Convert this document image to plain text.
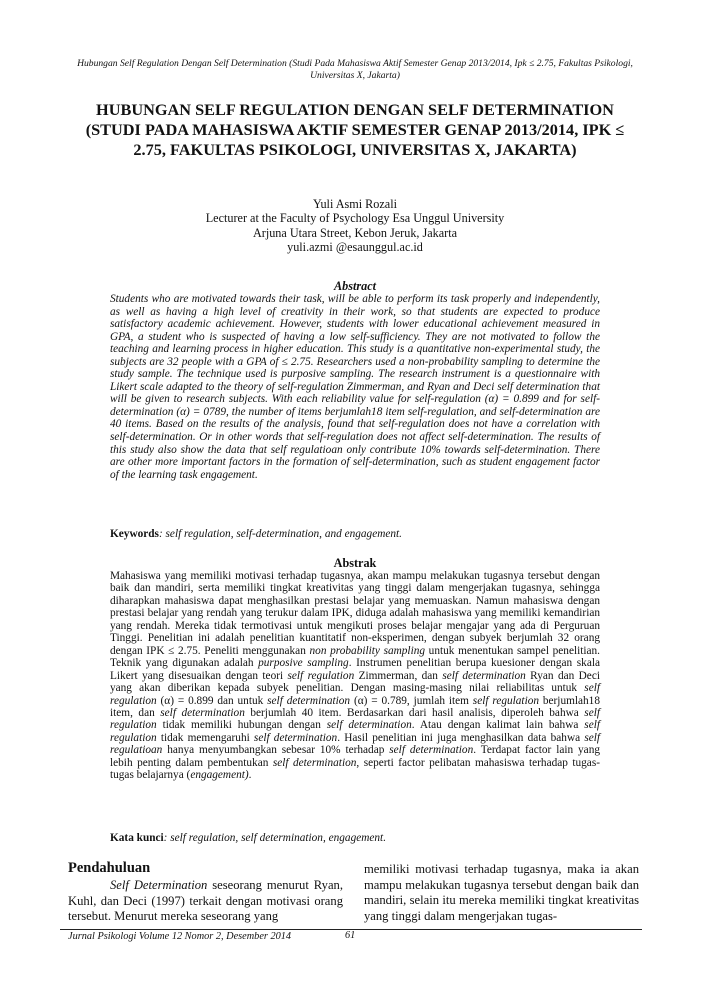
Hubungan Self Regulation Dengan Self Determination (Studi Pada Mahasiswa Aktif Semester Genap 2013/2014, Ipk ≤ 2.75, Fakultas Psikologi, Universitas X, Jakarta)
HUBUNGAN SELF REGULATION DENGAN SELF DETERMINATION
(STUDI PADA MAHASISWA AKTIF SEMESTER GENAP 2013/2014, IPK ≤
2.75, FAKULTAS PSIKOLOGI, UNIVERSITAS X, JAKARTA)
Yuli Asmi Rozali
Lecturer at the Faculty of Psychology Esa Unggul University
Arjuna Utara Street, Kebon Jeruk, Jakarta
yuli.azmi @esaunggul.ac.id
Abstract
Students who are motivated towards their task, will be able to perform its task properly and independently, as well as having a high level of creativity in their work, so that students are expected to produce satisfactory academic achievement. However, students with lower educational achievement measured in GPA, a student who is suspected of having a low self-sufficiency. They are not motivated to follow the teaching and learning process in higher education. This study is a quantitative non-experimental study, the subjects are 32 people with a GPA of ≤ 2.75. Researchers used a non-probability sampling to determine the study sample. The technique used is purposive sampling. The research instrument is a questionnaire with Likert scale adapted to the theory of self-regulation Zimmerman, and Ryan and Deci self determination that will be given to research subjects. With each reliability value for self-regulation (α) = 0.899 and for self-determination (α) = 0789, the number of items berjumlah18 item self-regulation, and self-determination are 40 items. Based on the results of the analysis, found that self-regulation does not have a correlation with self-determination. Or in other words that self-regulation does not affect self-determination. The results of this study also show the data that self regulatioan only contribute 10% towards self-determination. There are other more important factors in the formation of self-determination, such as student engagement factor of the learning task engagement.
Keywords: self regulation, self-determination, and engagement.
Abstrak
Mahasiswa yang memiliki motivasi terhadap tugasnya, akan mampu melakukan tugasnya tersebut dengan baik dan mandiri, serta memiliki tingkat kreativitas yang tinggi dalam mengerjakan tugasnya, sehingga diharapkan mahasiswa dapat menghasilkan prestasi belajar yang memuaskan. Namun mahasiswa dengan prestasi belajar yang rendah yang terukur dalam IPK, diduga adalah mahasiswa yang memiliki kemandirian yang rendah. Mereka tidak termotivasi untuk mengikuti proses belajar mengajar yang ada di Perguruan Tinggi. Penelitian ini adalah penelitian kuantitatif non-eksperimen, dengan subyek berjumlah 32 orang dengan IPK ≤ 2.75. Peneliti menggunakan non probability sampling untuk menentukan sampel penelitian. Teknik yang digunakan adalah purposive sampling. Instrumen penelitian berupa kuesioner dengan skala Likert yang disesuaikan dengan teori self regulation Zimmerman, dan self determination Ryan dan Deci yang akan diberikan kepada subyek penelitian. Dengan masing-masing nilai reliabilitas untuk self regulation (α) = 0.899 dan untuk self determination (α) = 0.789, jumlah item self regulation berjumlah18 item, dan self determination berjumlah 40 item. Berdasarkan dari hasil analisis, diperoleh bahwa self regulation tidak memiliki hubungan dengan self determination. Atau dengan kalimat lain bahwa self regulation tidak memengaruhi self determination. Hasil penelitian ini juga menghasilkan data bahwa self regulatioan hanya menyumbangkan sebesar 10% terhadap self determination. Terdapat factor lain yang lebih penting dalam pembentukan self determination, seperti factor pelibatan mahasiswa terhadap tugas-tugas belajarnya (engagement).
Kata kunci: self regulation, self determination, engagement.
Pendahuluan
Self Determination seseorang menurut Ryan, Kuhl, dan Deci (1997) terkait dengan motivasi orang tersebut. Menurut mereka seseorang yang
memiliki motivasi terhadap tugasnya, maka ia akan mampu melakukan tugasnya tersebut dengan baik dan mandiri, selain itu mereka memiliki tingkat kreativitas yang tinggi dalam mengerjakan tugas-
Jurnal Psikologi Volume 12 Nomor 2, Desember 2014	61
